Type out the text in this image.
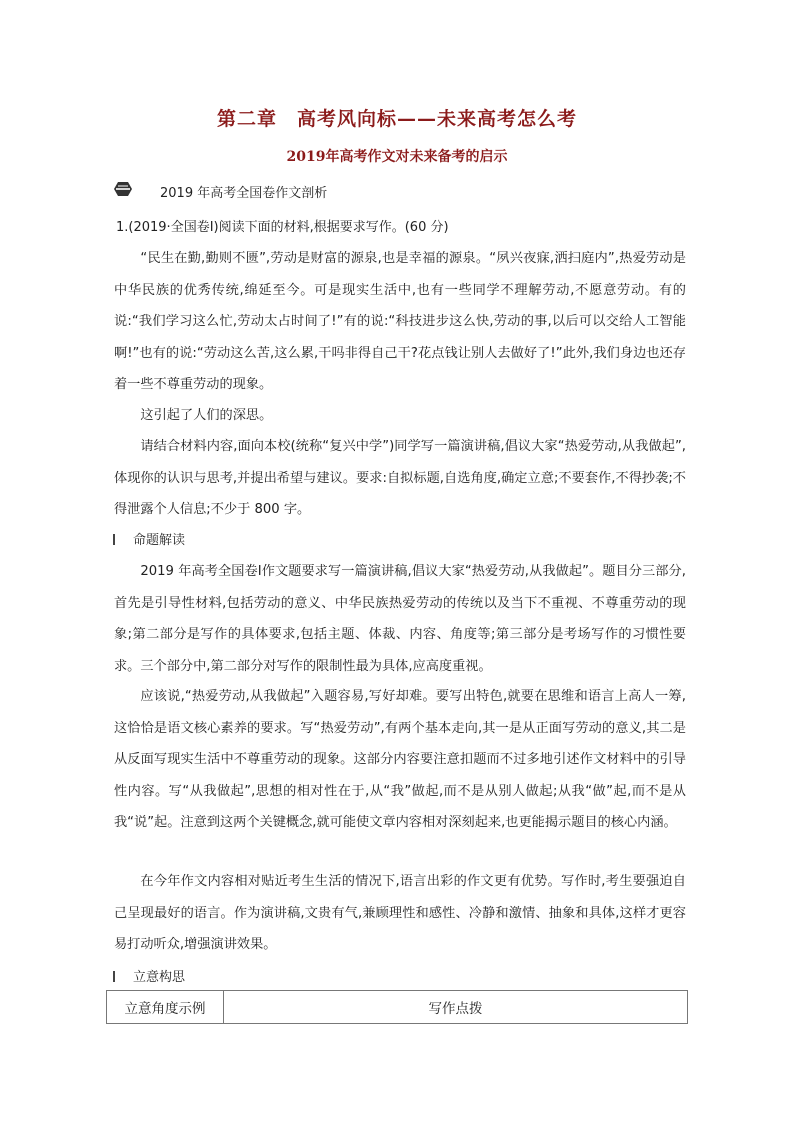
第二章　高考风向标——未来高考怎么考
2019年高考作文对未来备考的启示
2019 年高考全国卷作文剖析
1.(2019·全国卷Ⅰ)阅读下面的材料,根据要求写作。(60 分)
“民生在勤,勤则不匮”,劳动是财富的源泉,也是幸福的源泉。“夙兴夜寐,洒扫庭内”,热爱劳动是中华民族的优秀传统,绵延至今。可是现实生活中,也有一些同学不理解劳动,不愿意劳动。有的说:“我们学习这么忙,劳动太占时间了!”有的说:“科技进步这么快,劳动的事,以后可以交给人工智能啊!”也有的说:“劳动这么苦,这么累,干吗非得自己干?花点钱让别人去做好了!”此外,我们身边也还存着一些不尊重劳动的现象。
这引起了人们的深思。
请结合材料内容,面向本校(统称“复兴中学”)同学写一篇演讲稿,倡议大家“热爱劳动,从我做起”,体现你的认识与思考,并提出希望与建议。要求:自拟标题,自选角度,确定立意;不要套作,不得抄袭;不得泄露个人信息;不少于 800 字。
命题解读
2019 年高考全国卷Ⅰ作文题要求写一篇演讲稿,倡议大家“热爱劳动,从我做起”。题目分三部分,首先是引导性材料,包括劳动的意义、中华民族热爱劳动的传统以及当下不重视、不尊重劳动的现象;第二部分是写作的具体要求,包括主题、体裁、内容、角度等;第三部分是考场写作的习惯性要求。三个部分中,第二部分对写作的限制性最为具体,应高度重视。
应该说,“热爱劳动,从我做起”入题容易,写好却难。要写出特色,就要在思维和语言上高人一筹,这恰恰是语文核心素养的要求。写“热爱劳动”,有两个基本走向,其一是从正面写劳动的意义,其二是从反面写现实生活中不尊重劳动的现象。这部分内容要注意扣题而不过多地引述作文材料中的引导性内容。写“从我做起”,思想的相对性在于,从“我”做起,而不是从别人做起;从我“做”起,而不是从我“说”起。注意到这两个关键概念,就可能使文章内容相对深刻起来,也更能揭示题目的核心内涵。
在今年作文内容相对贴近考生生活的情况下,语言出彩的作文更有优势。写作时,考生要强迫自己呈现最好的语言。作为演讲稿,文贵有气,兼顾理性和感性、冷静和激情、抽象和具体,这样才更容易打动听众,增强演讲效果。
立意构思
立意角度示例	写作点拨
